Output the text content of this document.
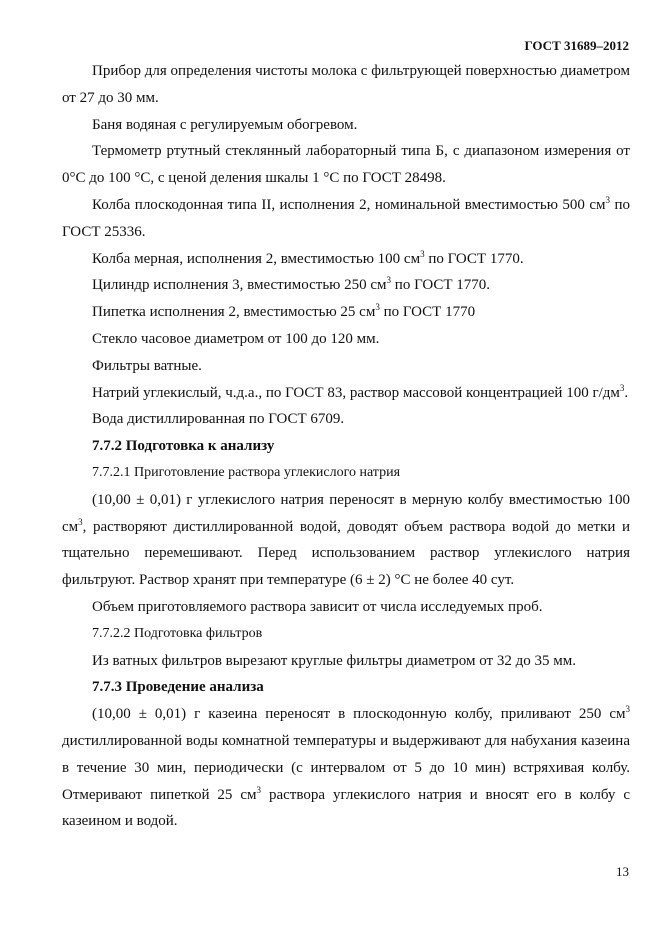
ГОСТ 31689–2012

Прибор для определения чистоты молока с фильтрующей поверхностью диаметром от 27 до 30 мм.

Баня водяная с регулируемым обогревом.

Термометр ртутный стеклянный лабораторный типа Б, с диапазоном измерения от 0°С до 100 °С, с ценой деления шкалы 1 °С по ГОСТ 28498.

Колба плоскодонная типа II, исполнения 2, номинальной вместимостью 500 $см^3$ по ГОСТ 25336.

Колба мерная, исполнения 2, вместимостью 100 $см^3$ по ГОСТ 1770.

Цилиндр исполнения 3, вместимостью 250 $см^3$ по ГОСТ 1770.

Пипетка исполнения 2, вместимостью 25 $см^3$ по ГОСТ 1770

Стекло часовое диаметром от 100 до 120 мм.

Фильтры ватные.

Натрий углекислый, ч.д.а., по ГОСТ 83, раствор массовой концентрацией 100 $г/дм^3$.

Вода дистиллированная по ГОСТ 6709.

7.7.2 Подготовка к анализу

7.7.2.1 Приготовление раствора углекислого натрия

(10,00 ± 0,01) г углекислого натрия переносят в мерную колбу вместимостью 100 $см^3$, растворяют дистиллированной водой, доводят объем раствора водой до метки и тщательно перемешивают. Перед использованием раствор углекислого натрия фильтруют. Раствор хранят при температуре (6 ± 2) °С не более 40 сут.

Объем приготовляемого раствора зависит от числа исследуемых проб.

7.7.2.2 Подготовка фильтров

Из ватных фильтров вырезают круглые фильтры диаметром от 32 до 35 мм.

7.7.3 Проведение анализа

(10,00 ± 0,01) г казеина переносят в плоскодонную колбу, приливают 250 $см^3$ дистиллированной воды комнатной температуры и выдерживают для набухания казеина в течение 30 мин, периодически (с интервалом от 5 до 10 мин) встряхивая колбу. Отмеривают пипеткой 25 $см^3$ раствора углекислого натрия и вносят его в колбу с казеином и водой.

13
